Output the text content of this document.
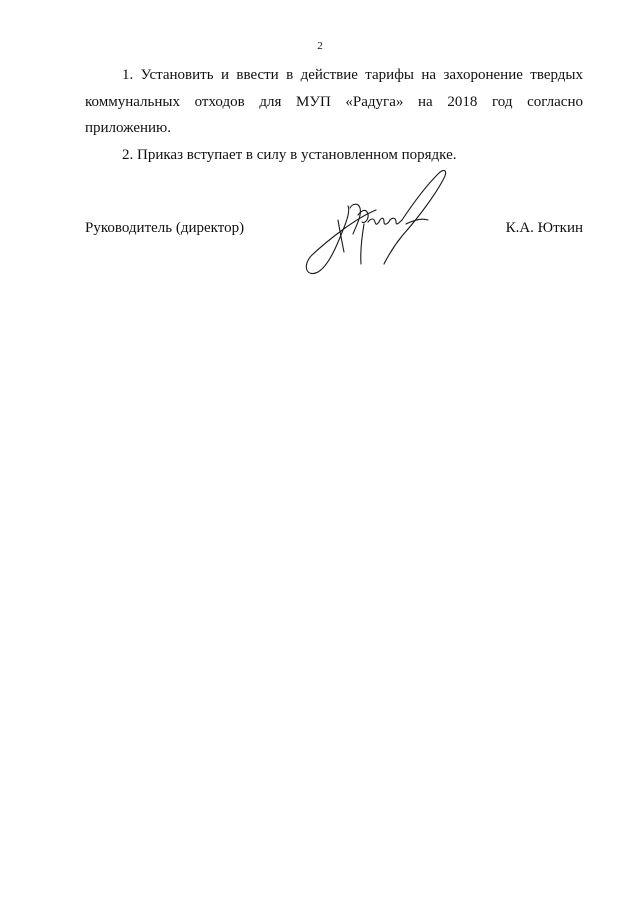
2

1. Установить и ввести в действие тарифы на захоронение твердых коммунальных отходов для МУП «Радуга» на 2018 год согласно приложению.

2. Приказ вступает в силу в установленном порядке.

Руководитель (директор)	К.А. Юткин
